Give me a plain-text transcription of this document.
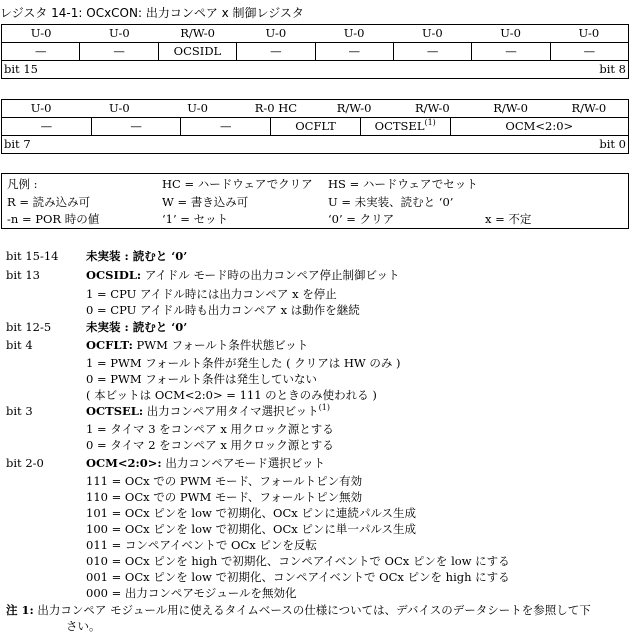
レジスタ 14-1: OCxCON: 出力コンペア x 制御レジスタ
U-0	U-0	R/W-0	U-0	U-0	U-0	U-0	U-0
—	—	OCSIDL	—	—	—	—	—
bit 15	bit 8
U-0	U-0	U-0	R-0 HC	R/W-0	R/W-0	R/W-0	R/W-0
—	—	—	OCFLT	OCTSEL$^{(1)}$	OCM<2:0>
bit 7	bit 0
凡例 :	HC = ハードウェアでクリア HS = ハードウェアでセット
R = 読み込み可	W = 書き込み可	U = 未実装、読むと ‘0’
-n = POR 時の値	‘1’ = セット	‘0’ = クリア	x = 不定
bit 15-14 未実装 : 読むと ‘0’
bit 13	OCSIDL: アイドル モード時の出力コンペア停止制御ビット
1 = CPU アイドル時には出力コンペア x を停止
0 = CPU アイドル時も出力コンペア x は動作を継続
bit 12-5	未実装 : 読むと ‘0’
bit 4	OCFLT: PWM フォールト条件状態ビット
1 = PWM フォールト条件が発生した ( クリアは HW のみ )
0 = PWM フォールト条件は発生していない
( 本ビットは OCM<2:0> = 111 のときのみ使われる )
bit 3	OCTSEL: 出力コンペア用タイマ選択ビット$^{(1)}$
1 = タイマ 3 をコンペア x 用クロック源とする
0 = タイマ 2 をコンペア x 用クロック源とする
bit 2-0	OCM<2:0>: 出力コンペアモード選択ビット
111 = OCx での PWM モード、フォールトピン有効
110 = OCx での PWM モード、フォールトピン無効
101 = OCx ピンを low で初期化、OCx ピンに連続パルス生成
100 = OCx ピンを low で初期化、OCx ピンに単一パルス生成
011 = コンペアイベントで OCx ピンを反転
010 = OCx ピンを high で初期化、コンペアイベントで OCx ピンを low にする
001 = OCx ピンを low で初期化、コンペアイベントで OCx ピンを high にする
000 = 出力コンペアモジュールを無効化
注 1: 出力コンペア モジュール用に使えるタイムベースの仕様については、デバイスのデータシートを参照して下
さい。
